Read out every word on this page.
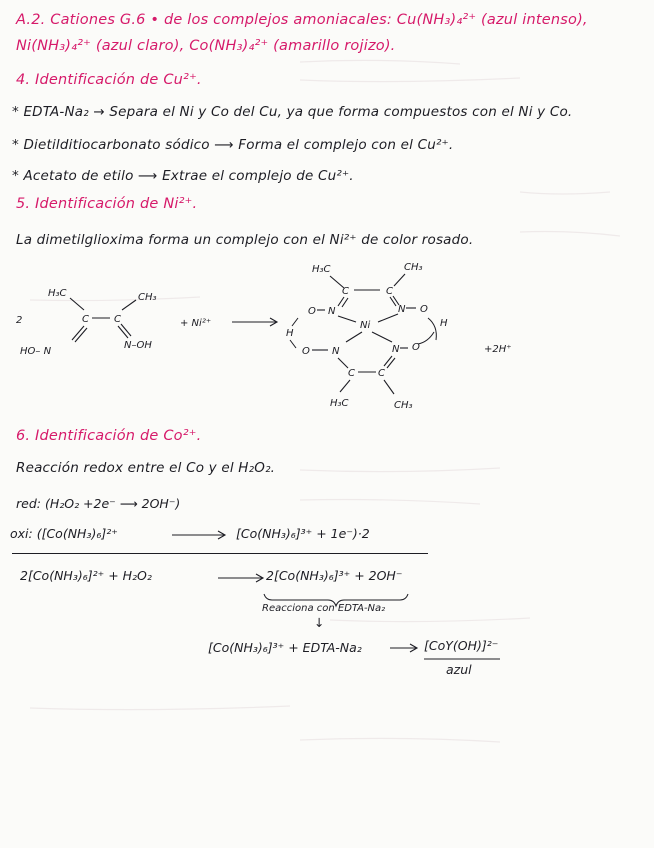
A.2. Cationes G.6 • de los complejos amoniacales: Cu(NH₃)₄²⁺ (azul intenso),
Ni(NH₃)₄²⁺ (azul claro), Co(NH₃)₄²⁺ (amarillo rojizo).
4. Identificación de Cu²⁺.
* EDTA-Na₂ → Separa el Ni y Co del Cu, ya que forma compuestos con el Ni y Co.
* Dietilditiocarbonato sódico ⟶ Forma el complejo con el Cu²⁺.
* Acetato de etilo ⟶ Extrae el complejo de Cu²⁺.
5. Identificación de Ni²⁺.
La dimetilglioxima forma un complejo con el Ni²⁺ de color rosado.
2
H₃C	CH₃
C	C
HO– N
N–OH
+ Ni²⁺
H₃C	CH₃
C	C
O N	N O
H
Ni	H
O N	N O
C C
H₃C	CH₃
+2H⁺
6. Identificación de Co²⁺.
Reacción redox entre el Co y el H₂O₂.
red: (H₂O₂ +2e⁻ ⟶ 2OH⁻)
oxi: ([Co(NH₃)₆]²⁺	[Co(NH₃)₆]³⁺ + 1e⁻)·2
2[Co(NH₃)₆]²⁺ + H₂O₂	2[Co(NH₃)₆]³⁺ + 2OH⁻
Reacciona con EDTA-Na₂
↓
[Co(NH₃)₆]³⁺ + EDTA-Na₂	[CoY(OH)]²⁻
azul
